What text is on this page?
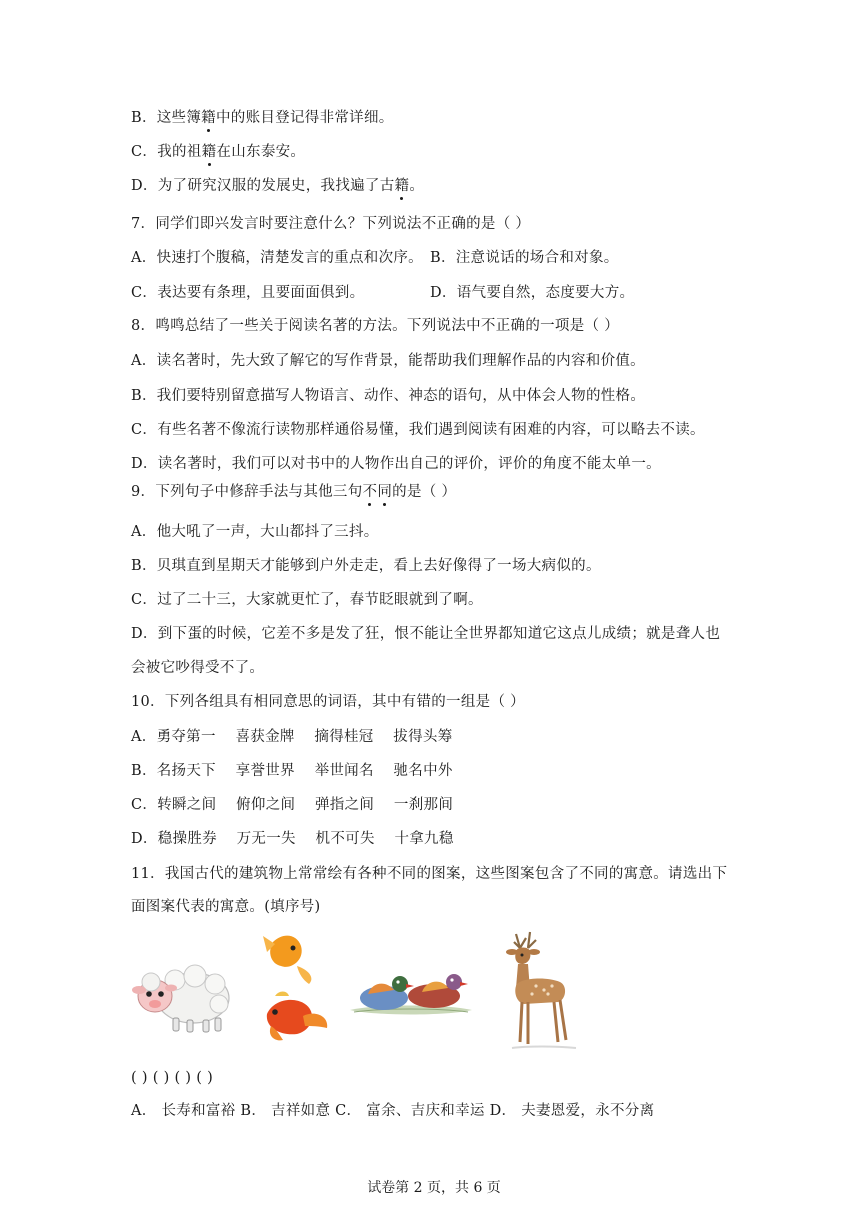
B．这些簿籍中的账目登记得非常详细。
C．我的祖籍在山东泰安。
D．为了研究汉服的发展史，我找遍了古籍。
7．同学们即兴发言时要注意什么？下列说法不正确的是（ ）
A．快速打个腹稿，清楚发言的重点和次序。 B．注意说话的场合和对象。
C．表达要有条理，且要面面俱到。	D．语气要自然，态度要大方。
8．鸣鸣总结了一些关于阅读名著的方法。下列说法中不正确的一项是（ ）
A．读名著时，先大致了解它的写作背景，能帮助我们理解作品的内容和价值。
B．我们要特别留意描写人物语言、动作、神态的语句，从中体会人物的性格。
C．有些名著不像流行读物那样通俗易懂，我们遇到阅读有困难的内容，可以略去不读。
D．读名著时，我们可以对书中的人物作出自己的评价，评价的角度不能太单一。
9．下列句子中修辞手法与其他三句不同的是（ ）
A．他大吼了一声，大山都抖了三抖。
B．贝琪直到星期天才能够到户外走走，看上去好像得了一场大病似的。
C．过了二十三，大家就更忙了，春节眨眼就到了啊。
D．到下蛋的时候，它差不多是发了狂，恨不能让全世界都知道它这点儿成绩；就是聋人也
会被它吵得受不了。
10．下列各组具有相同意思的词语，其中有错的一组是（ ）
A．勇夺第一　 喜获金牌　 摘得桂冠　 拔得头筹
B．名扬天下　 享誉世界　 举世闻名　 驰名中外
C．转瞬之间　 俯仰之间　 弹指之间　 一刹那间
D．稳操胜券　 万无一失　 机不可失　 十拿九稳
11．我国古代的建筑物上常常绘有各种不同的图案，这些图案包含了不同的寓意。请选出下
面图案代表的寓意。(填序号)
( ) ( ) ( ) ( )
A． 长寿和富裕 B． 吉祥如意 C． 富余、吉庆和幸运 D． 夫妻恩爱，永不分离
试卷第 2 页，共 6 页
